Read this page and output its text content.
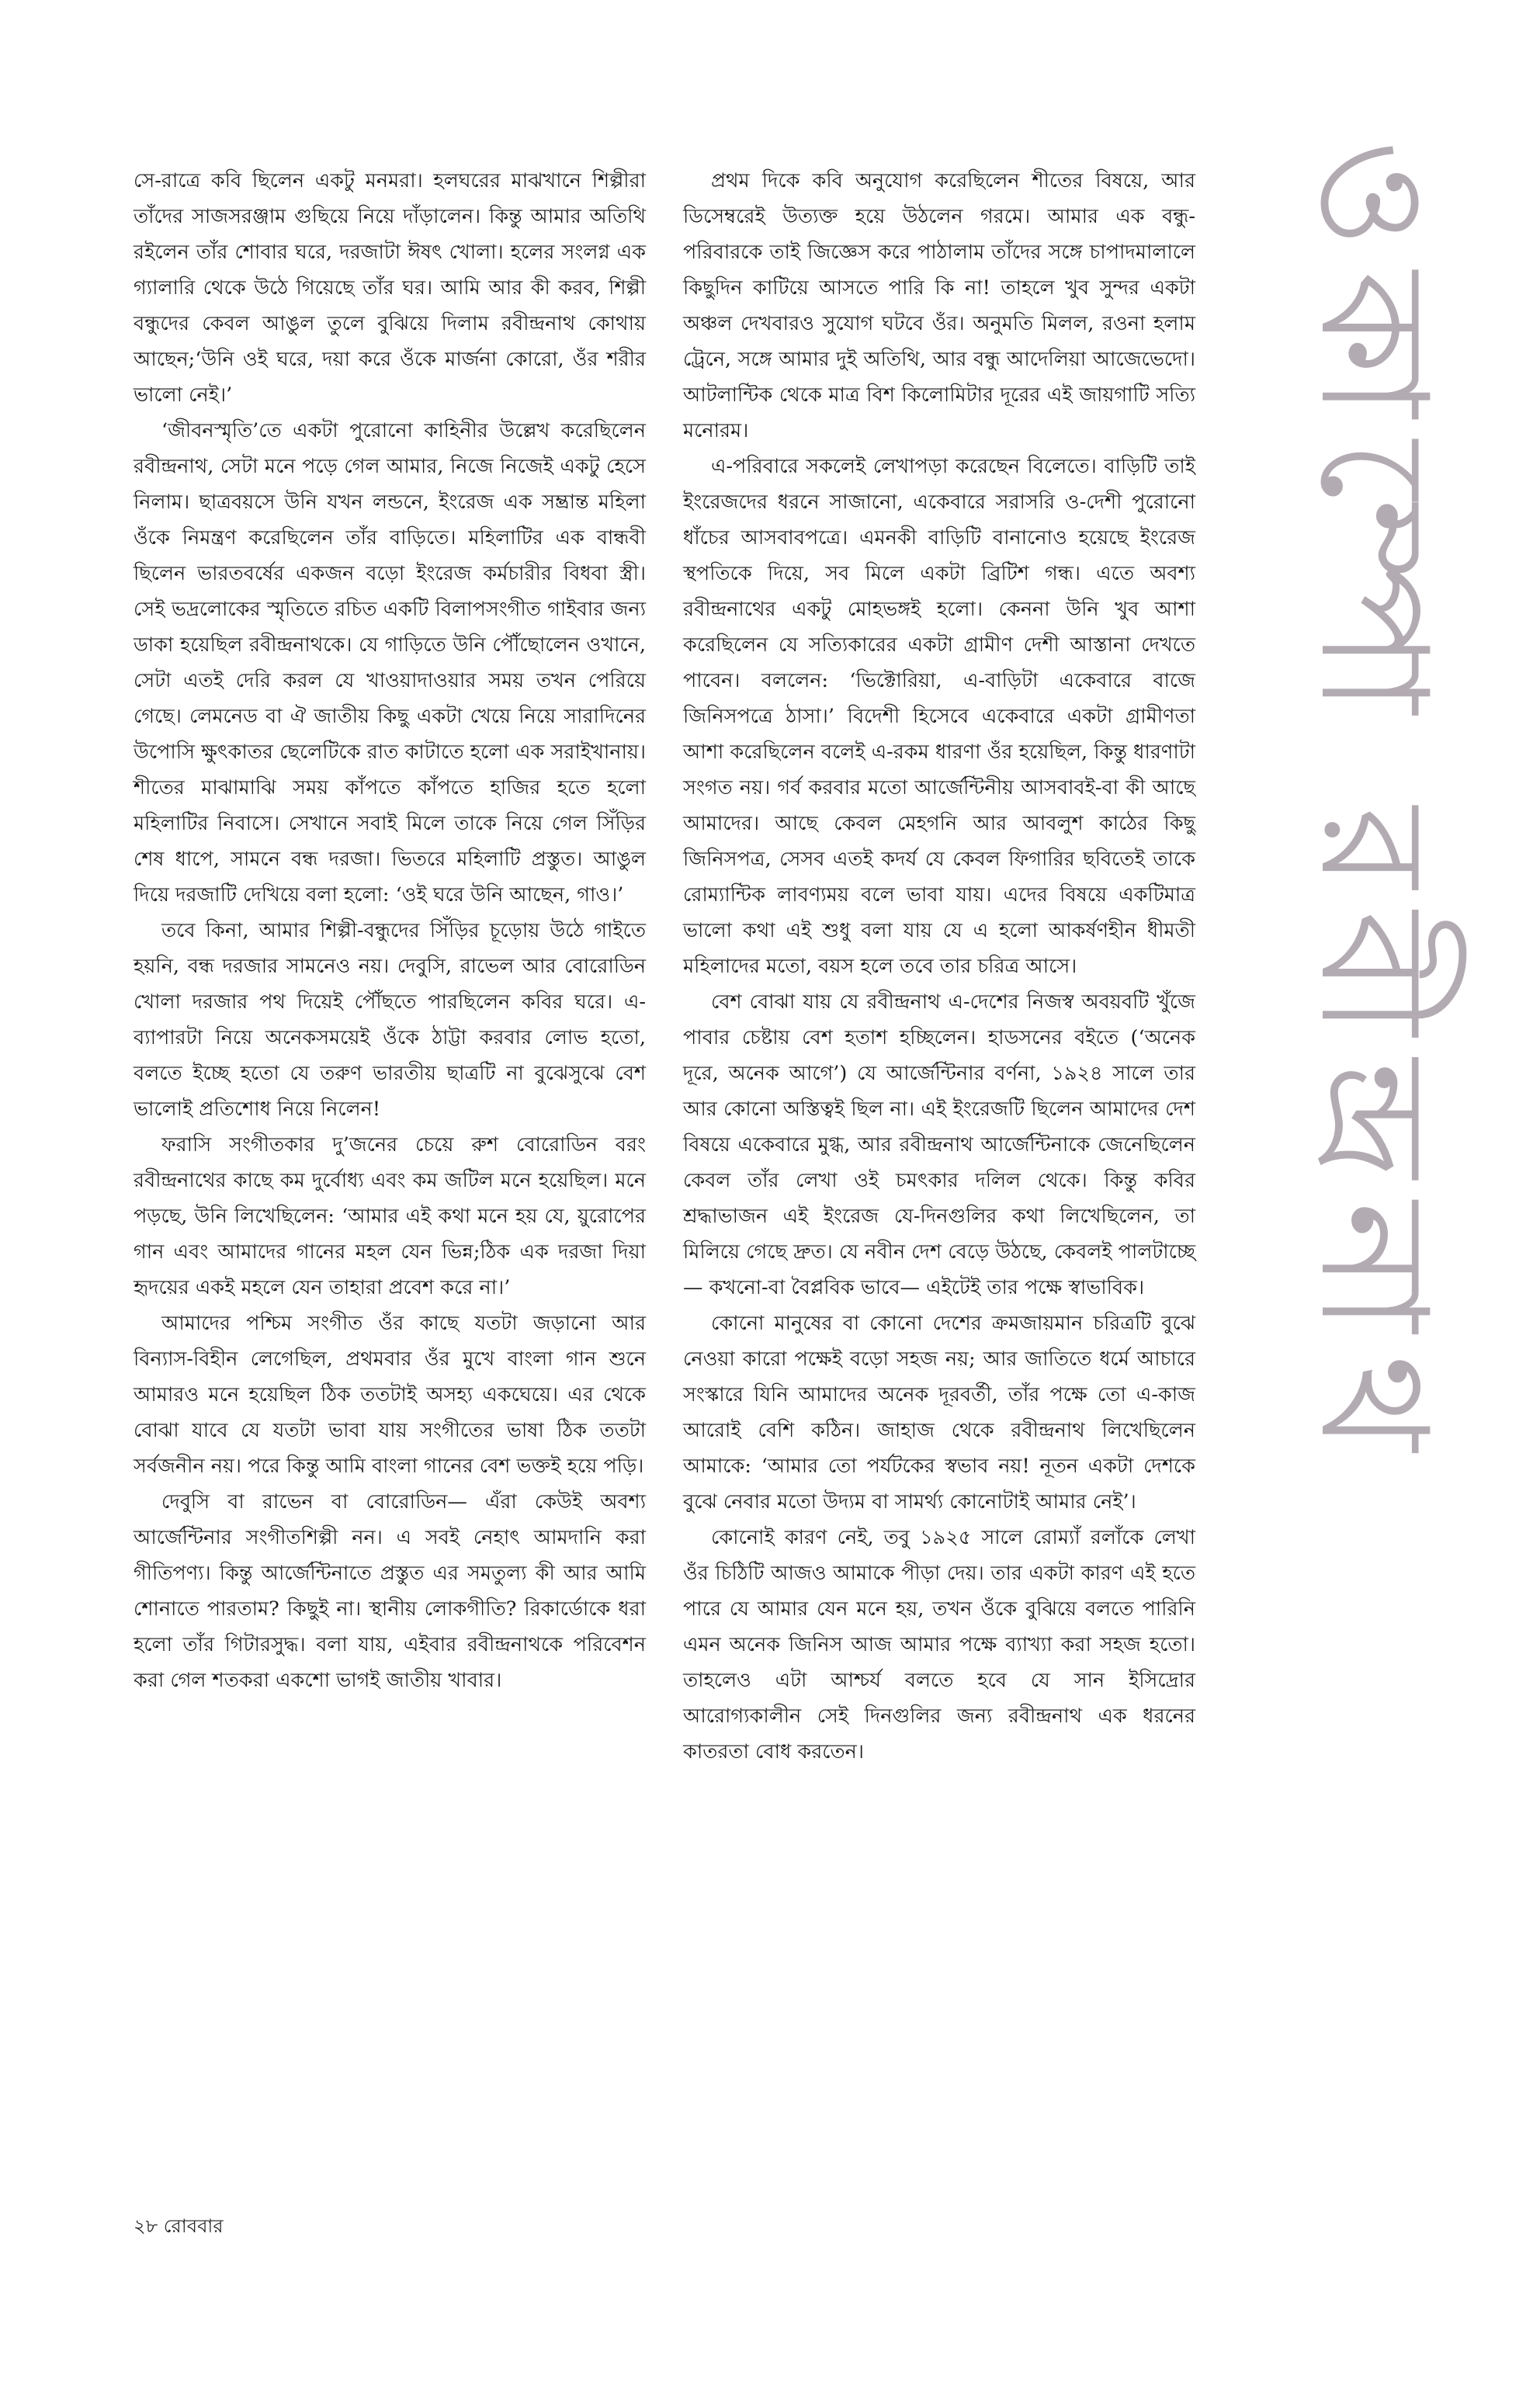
সে-রাত্রে কবি ছিলেন একটু মনমরা। হলঘরের মাঝখানে শিল্পীরা তাঁদের সাজসরঞ্জাম গুছিয়ে নিয়ে দাঁড়ালেন। কিন্তু আমার অতিথি রইলেন তাঁর শোবার ঘরে, দরজাটা ঈষৎ খোলা। হলের সংলগ্ন এক গ্যালারি থেকে উঠে গিয়েছে তাঁর ঘর। আমি আর কী করব, শিল্পী বন্ধুদের কেবল আঙুল তুলে বুঝিয়ে দিলাম রবীন্দ্রনাথ কোথায় আছেন;‘উনি ওই ঘরে, দয়া করে ওঁকে মার্জনা কোরো, ওঁর শরীর ভালো নেই।’

‘জীবনস্মৃতি’তে একটা পুরোনো কাহিনীর উল্লেখ করেছিলেন রবীন্দ্রনাথ, সেটা মনে পড়ে গেল আমার, নিজে নিজেই একটু হেসে নিলাম। ছাত্রবয়সে উনি যখন লন্ডনে, ইংরেজ এক সম্ভ্রান্ত মহিলা ওঁকে নিমন্ত্রণ করেছিলেন তাঁর বাড়িতে। মহিলাটির এক বান্ধবী ছিলেন ভারতবর্ষের একজন বড়ো ইংরেজ কর্মচারীর বিধবা স্ত্রী। সেই ভদ্রলোকের স্মৃতিতে রচিত একটি বিলাপসংগীত গাইবার জন্য ডাকা হয়েছিল রবীন্দ্রনাথকে। যে গাড়িতে উনি পৌঁছোলেন ওখানে, সেটা এতই দেরি করল যে খাওয়াদাওয়ার সময় তখন পেরিয়ে গেছে। লেমনেড বা ঐ জাতীয় কিছু একটা খেয়ে নিয়ে সারাদিনের উপোসি ক্ষুৎকাতর ছেলেটিকে রাত কাটাতে হলো এক সরাইখানায়। শীতের মাঝামাঝি সময় কাঁপতে কাঁপতে হাজির হতে হলো মহিলাটির নিবাসে। সেখানে সবাই মিলে তাকে নিয়ে গেল সিঁড়ির শেষ ধাপে, সামনে বন্ধ দরজা। ভিতরে মহিলাটি প্রস্তুত। আঙুল দিয়ে দরজাটি দেখিয়ে বলা হলো: ‘ওই ঘরে উনি আছেন, গাও।’

তবে কিনা, আমার শিল্পী-বন্ধুদের সিঁড়ির চূড়োয় উঠে গাইতে হয়নি, বন্ধ দরজার সামনেও নয়। দেবুসি, রাভেল আর বোরোডিন খোলা দরজার পথ দিয়েই পৌঁছতে পারছিলেন কবির ঘরে। এ-ব্যাপারটা নিয়ে অনেকসময়েই ওঁকে ঠাট্টা করবার লোভ হতো, বলতে ইচ্ছে হতো যে তরুণ ভারতীয় ছাত্রটি না বুঝেসুঝে বেশ ভালোই প্রতিশোধ নিয়ে নিলেন!

ফরাসি সংগীতকার দু’জনের চেয়ে রুশ বোরোডিন বরং রবীন্দ্রনাথের কাছে কম দুর্বোধ্য এবং কম জটিল মনে হয়েছিল। মনে পড়ছে, উনি লিখেছিলেন: ‘আমার এই কথা মনে হয় যে, য়ুরোপের গান এবং আমাদের গানের মহল যেন ভিন্ন;ঠিক এক দরজা দিয়া হৃদয়ের একই মহলে যেন তাহারা প্রবেশ করে না।’

আমাদের পশ্চিম সংগীত ওঁর কাছে যতটা জড়ানো আর বিন্যাস-বিহীন লেগেছিল, প্রথমবার ওঁর মুখে বাংলা গান শুনে আমারও মনে হয়েছিল ঠিক ততটাই অসহ্য একঘেয়ে। এর থেকে বোঝা যাবে যে যতটা ভাবা যায় সংগীতের ভাষা ঠিক ততটা সর্বজনীন নয়। পরে কিন্তু আমি বাংলা গানের বেশ ভক্তই হয়ে পড়ি।

দেবুসি বা রাভেন বা বোরোডিন— এঁরা কেউই অবশ্য আর্জেন্টিনার সংগীতশিল্পী নন। এ সবই নেহাৎ আমদানি করা গীতিপণ্য। কিন্তু আর্জেন্টিনাতে প্রস্তুত এর সমতুল্য কী আর আমি শোনাতে পারতাম? কিছুই না। স্থানীয় লোকগীতি? রিকার্ডোকে ধরা হলো তাঁর গিটারসুদ্ধ। বলা যায়, এইবার রবীন্দ্রনাথকে পরিবেশন করা গেল শতকরা একশো ভাগই জাতীয় খাবার।

প্রথম দিকে কবি অনুযোগ করেছিলেন শীতের বিষয়ে, আর ডিসেম্বরেই উত্যক্ত হয়ে উঠলেন গরমে। আমার এক বন্ধু-পরিবারকে তাই জিজ্ঞেস করে পাঠালাম তাঁদের সঙ্গে চাপাদমালালে কিছুদিন কাটিয়ে আসতে পারি কি না! তাহলে খুব সুন্দর একটা অঞ্চল দেখবারও সুযোগ ঘটবে ওঁর। অনুমতি মিলল, রওনা হলাম ট্রেনে, সঙ্গে আমার দুই অতিথি, আর বন্ধু আদেলিয়া আজেভেদো। আটলান্টিক থেকে মাত্র বিশ কিলোমিটার দূরের এই জায়গাটি সত্যি মনোরম।

এ-পরিবারে সকলেই লেখাপড়া করেছেন বিলেতে। বাড়িটি তাই ইংরেজদের ধরনে সাজানো, একেবারে সরাসরি ও-দেশী পুরোনো ধাঁচের আসবাবপত্রে। এমনকী বাড়িটি বানানোও হয়েছে ইংরেজ স্থপতিকে দিয়ে, সব মিলে একটা ব্রিটিশ গন্ধ। এতে অবশ্য রবীন্দ্রনাথের একটু মোহভঙ্গই হলো। কেননা উনি খুব আশা করেছিলেন যে সত্যিকারের একটা গ্রামীণ দেশী আস্তানা দেখতে পাবেন। বললেন: ‘ভিক্টোরিয়া, এ-বাড়িটা একেবারে বাজে জিনিসপত্রে ঠাসা।’ বিদেশী হিসেবে একেবারে একটা গ্রামীণতা আশা করেছিলেন বলেই এ-রকম ধারণা ওঁর হয়েছিল, কিন্তু ধারণাটা সংগত নয়। গর্ব করবার মতো আর্জেন্টিনীয় আসবাবই-বা কী আছে আমাদের। আছে কেবল মেহগনি আর আবলুশ কাঠের কিছু জিনিসপত্র, সেসব এতই কদর্য যে কেবল ফিগারির ছবিতেই তাকে রোম্যান্টিক লাবণ্যময় বলে ভাবা যায়। এদের বিষয়ে একটিমাত্র ভালো কথা এই শুধু বলা যায় যে এ হলো আকর্ষণহীন ধীমতী মহিলাদের মতো, বয়স হলে তবে তার চরিত্র আসে।

বেশ বোঝা যায় যে রবীন্দ্রনাথ এ-দেশের নিজস্ব অবয়বটি খুঁজে পাবার চেষ্টায় বেশ হতাশ হচ্ছিলেন। হাডসনের বইতে (‘অনেক দূরে, অনেক আগে’) যে আর্জেন্টিনার বর্ণনা, ১৯২৪ সালে তার আর কোনো অস্তিত্বই ছিল না। এই ইংরেজটি ছিলেন আমাদের দেশ বিষয়ে একেবারে মুগ্ধ, আর রবীন্দ্রনাথ আর্জেন্টিনাকে জেনেছিলেন কেবল তাঁর লেখা ওই চমৎকার দলিল থেকে। কিন্তু কবির শ্রদ্ধাভাজন এই ইংরেজ যে-দিনগুলির কথা লিখেছিলেন, তা মিলিয়ে গেছে দ্রুত। যে নবীন দেশ বেড়ে উঠছে, কেবলই পালটাচ্ছে— কখনো-বা বৈপ্লবিক ভাবে— এইটেই তার পক্ষে স্বাভাবিক।

কোনো মানুষের বা কোনো দেশের ক্রমজায়মান চরিত্রটি বুঝে নেওয়া কারো পক্ষেই বড়ো সহজ নয়; আর জাতিতে ধর্মে আচারে সংস্কারে যিনি আমাদের অনেক দূরবর্তী, তাঁর পক্ষে তো এ-কাজ আরোই বেশি কঠিন। জাহাজ থেকে রবীন্দ্রনাথ লিখেছিলেন আমাকে: ‘আমার তো পর্যটকের স্বভাব নয়! নূতন একটা দেশকে বুঝে নেবার মতো উদ্যম বা সামর্থ্য কোনোটাই আমার নেই’।

কোনোই কারণ নেই, তবু ১৯২৫ সালে রোম্যাঁ রলাঁকে লেখা ওঁর চিঠিটি আজও আমাকে পীড়া দেয়। তার একটা কারণ এই হতে পারে যে আমার যেন মনে হয়, তখন ওঁকে বুঝিয়ে বলতে পারিনি এমন অনেক জিনিস আজ আমার পক্ষে ব্যাখ্যা করা সহজ হতো। তাহলেও এটা আশ্চর্য বলতে হবে যে সান ইসিদ্রোর আরোগ্যকালীন সেই দিনগুলির জন্য রবীন্দ্রনাথ এক ধরনের কাতরতা বোধ করতেন।

২৮ রোববার
ওকাম্পো রবীন্দ্রনাথ
